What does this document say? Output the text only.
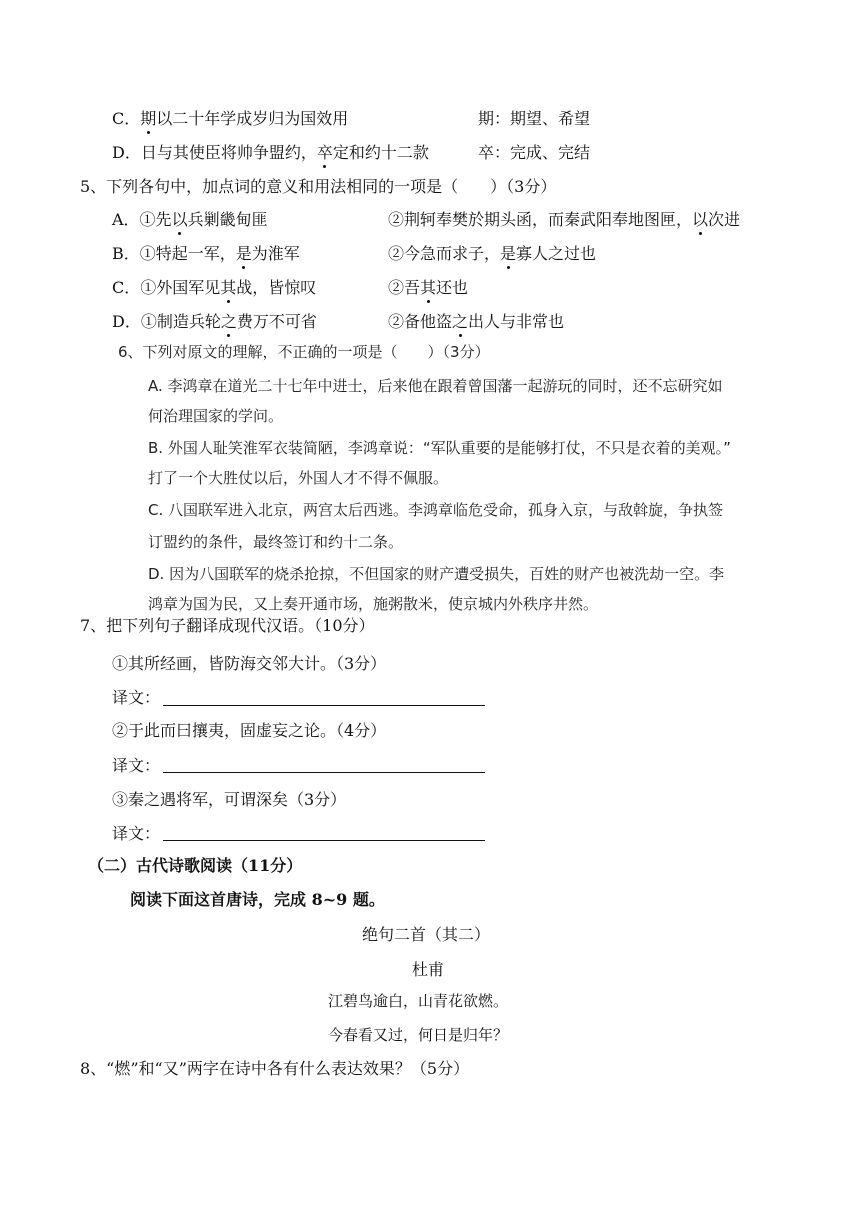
C．期以二十年学成岁归为国效用	期：期望、希望
D．日与其使臣将帅争盟约，卒定和约十二款	卒：完成、完结
5、下列各句中，加点词的意义和用法相同的一项是（　　）（3分）
A．①先以兵剿畿甸匪	②荆轲奉樊於期头函，而秦武阳奉地图匣，以次进
B．①特起一军，是为淮军	②今急而求子，是寡人之过也
C．①外国军见其战，皆惊叹	②吾其还也
D．①制造兵轮之费万不可省	②备他盗之出人与非常也
6、下列对原文的理解，不正确的一项是（　　）（3分）
A. 李鸿章在道光二十七年中进士，后来他在跟着曾国藩一起游玩的同时，还不忘研究如
何治理国家的学问。
B. 外国人耻笑淮军衣装简陋，李鸿章说：“军队重要的是能够打仗，不只是衣着的美观。”
打了一个大胜仗以后，外国人才不得不佩服。
C. 八国联军进入北京，两宫太后西逃。李鸿章临危受命，孤身入京，与敌斡旋，争执签
订盟约的条件，最终签订和约十二条。
D. 因为八国联军的烧杀抢掠，不但国家的财产遭受损失，百姓的财产也被洗劫一空。李
鸿章为国为民，又上奏开通市场，施粥散米，使京城内外秩序井然。
7、把下列句子翻译成现代汉语。（10分）
①其所经画，皆防海交邻大计。（3分）
译文：
②于此而曰攘夷，固虚妄之论。（4分）
译文：
③秦之遇将军，可谓深矣（3分）
译文：
（二）古代诗歌阅读（11分）
阅读下面这首唐诗，完成 8~9 题。
绝句二首（其二）
杜甫
江碧鸟逾白，山青花欲燃。
今春看又过，何日是归年？
8、“燃”和“又”两字在诗中各有什么表达效果？（5分）
